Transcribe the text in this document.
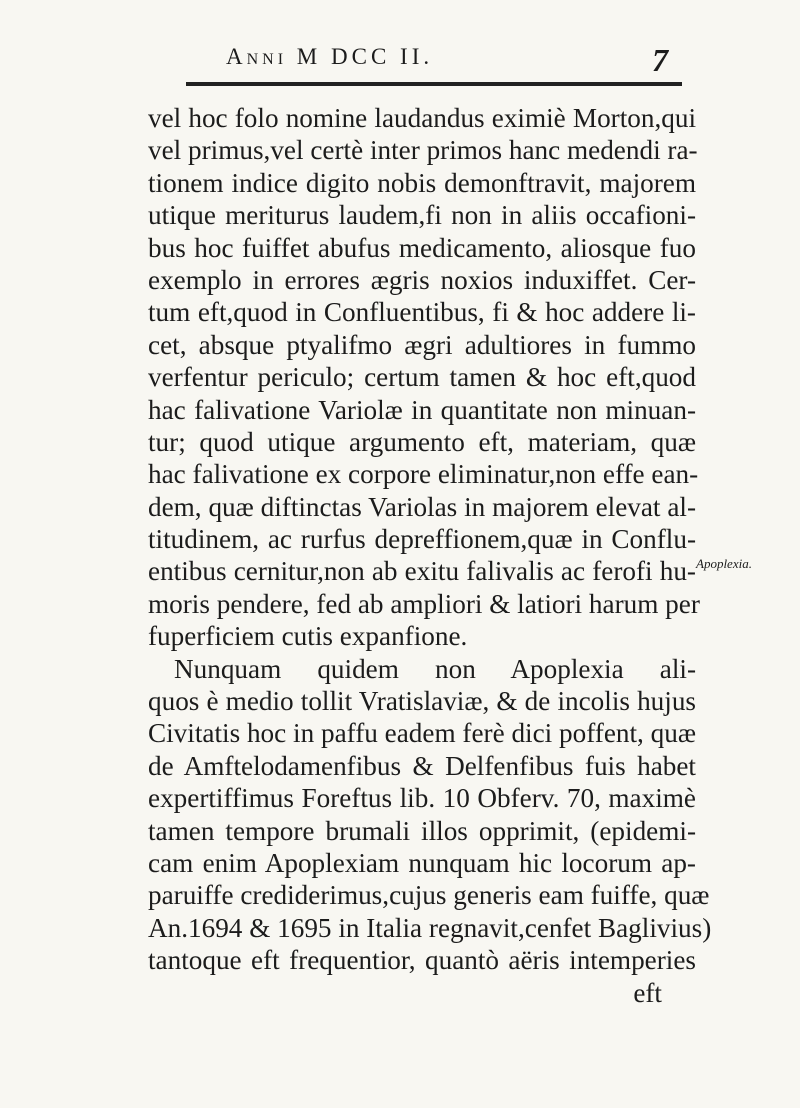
Anni M DCC II.	7
vel hoc folo nomine laudandus eximiè Morton,qui
vel primus,vel certè inter primos hanc medendi ra-
tionem indice digito nobis demonftravit, majorem
utique meriturus laudem,fi non in aliis occafioni-
bus hoc fuiffet abufus medicamento, aliosque fuo
exemplo in errores ægris noxios induxiffet. Cer-
tum eft,quod in Confluentibus, fi & hoc addere li-
cet, absque ptyalifmo ægri adultiores in fummo
verfentur periculo; certum tamen & hoc eft,quod
hac falivatione Variolæ in quantitate non minuan-
tur; quod utique argumento eft, materiam, quæ
hac falivatione ex corpore eliminatur,non effe ean-
dem, quæ diftinctas Variolas in majorem elevat al-
titudinem, ac rurfus depreffionem,quæ in Conflu-
entibus cernitur,non ab exitu falivalis ac ferofi hu-
moris pendere, fed ab ampliori & latiori harum per
fuperficiem cutis expanfione.
Nunquam quidem non Apoplexia ali-
quos è medio tollit Vratislaviæ, & de incolis hujus
Civitatis hoc in paffu eadem ferè dici poffent, quæ
de Amftelodamenfibus & Delfenfibus fuis habet
expertiffimus Foreftus lib. 10 Obferv. 70, maximè
tamen tempore brumali illos opprimit, (epidemi-
cam enim Apoplexiam nunquam hic locorum ap-
paruiffe crediderimus,cujus generis eam fuiffe, quæ
An.1694 & 1695 in Italia regnavit,cenfet Baglivius)
tantoque eft frequentior, quantò aëris intemperies
eft
Apoplexia.
